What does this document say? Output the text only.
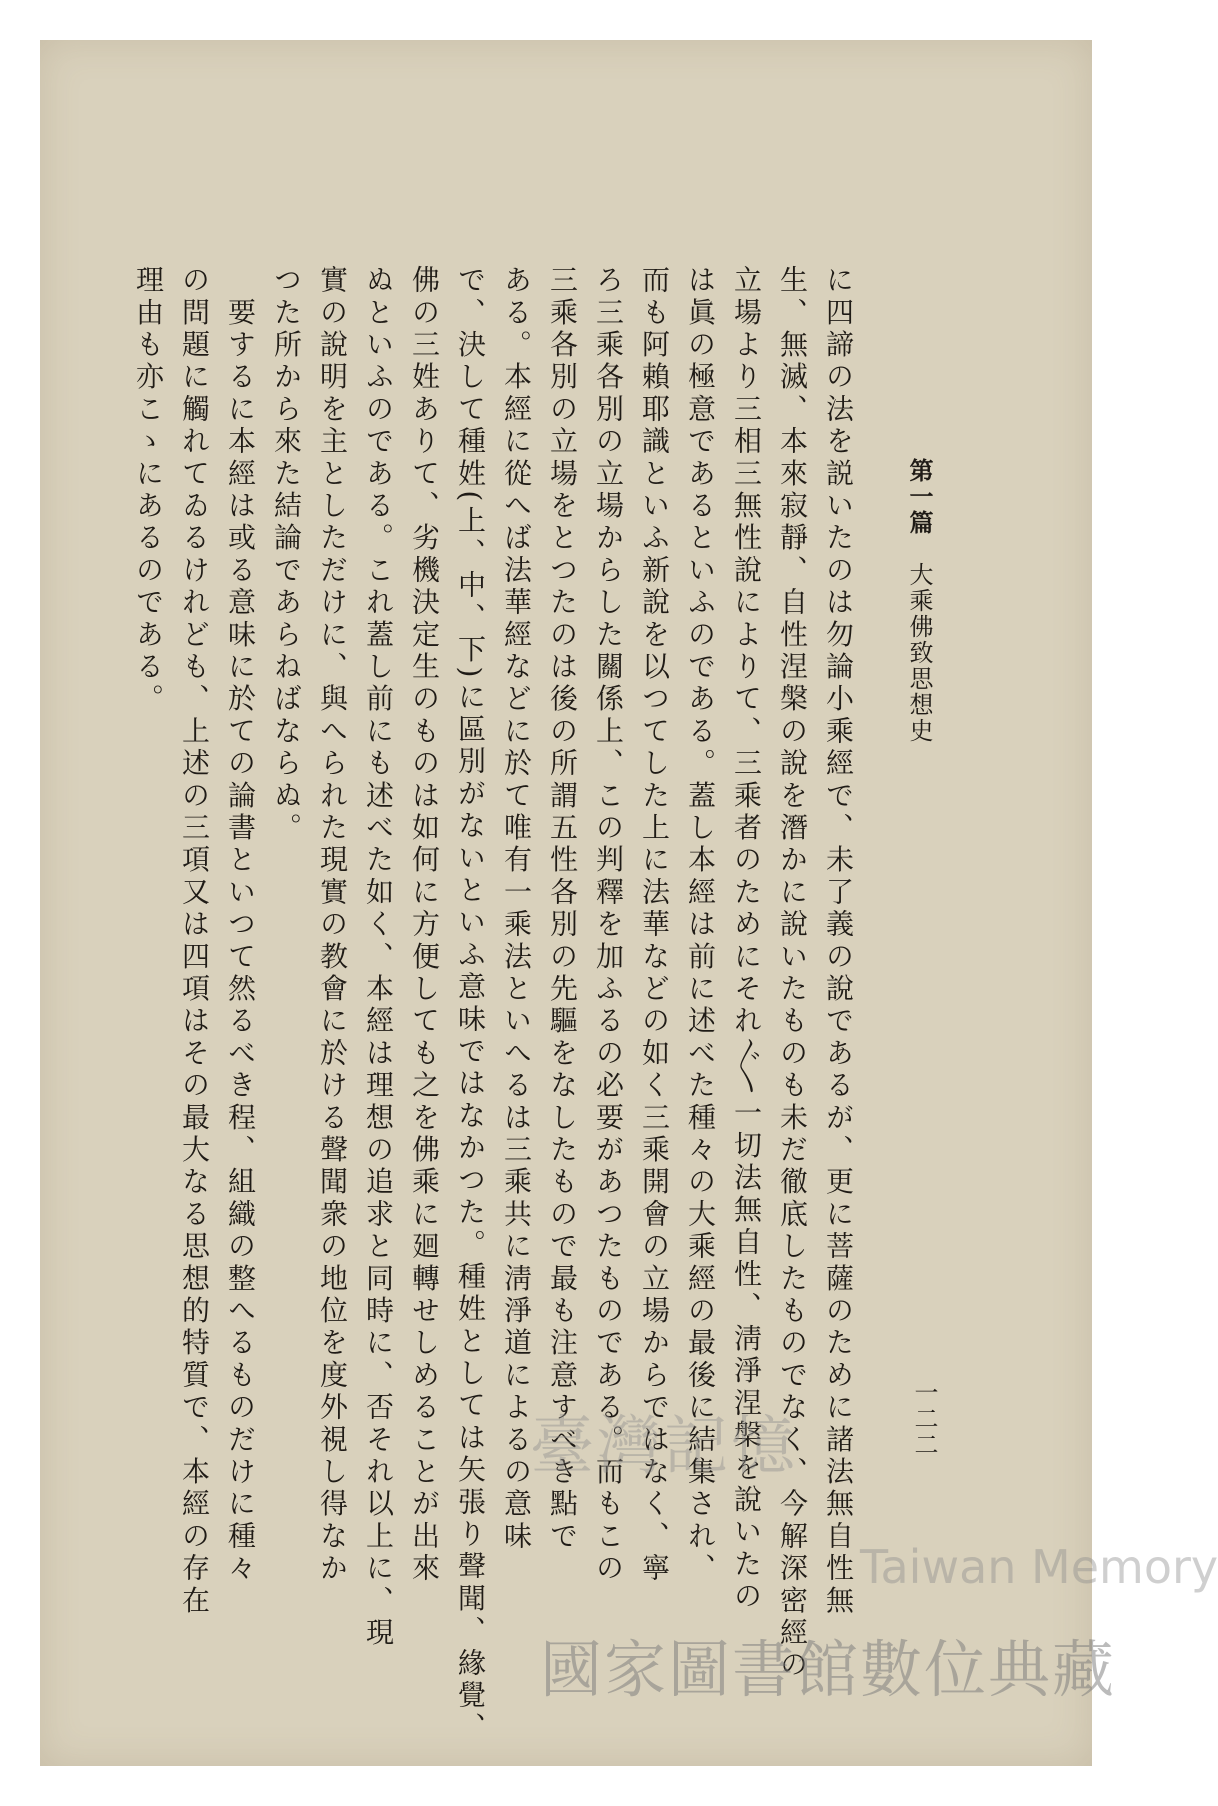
第一篇大乘佛致思想史
一二二
に四諦の法を説いたのは勿論小乘經で、未了義の說であるが、更に菩薩のために諸法無自性無
生、無滅、本來寂靜、自性涅槃の說を潛かに說いたものも未だ徹底したものでなく、今解深密經の
立場より三相三無性說によりて、三乘者のためにそれ〲一切法無自性、淸淨涅槃を說いたの
は眞の極意であるといふのである。蓋し本經は前に述べた種々の大乘經の最後に結集され、
而も阿賴耶識といふ新說を以つてした上に法華などの如く三乘開會の立場からではなく、寧
ろ三乘各別の立場からした關係上、この判釋を加ふるの必要があつたものである。而もこの
三乘各別の立場をとつたのは後の所謂五性各別の先驅をなしたもので最も注意すべき點で
ある。本經に從へば法華經などに於て唯有一乘法といへるは三乘共に淸淨道によるの意味
で、決して種姓(上、中、下)に區別がないといふ意味ではなかつた。種姓としては矢張り聲聞、緣覺、
佛の三姓ありて、劣機決定生のものは如何に方便しても之を佛乘に廻轉せしめることが出來
ぬといふのである。これ蓋し前にも述べた如く、本經は理想の追求と同時に、否それ以上に、現
實の說明を主としただけに、與へられた現實の教會に於ける聲聞衆の地位を度外視し得なか
つた所から來た結論であらねばならぬ。
　要するに本經は或る意味に於ての論書といつて然るべき程、組織の整へるものだけに種々
の問題に觸れてゐるけれども、上述の三項又は四項はその最大なる思想的特質で、本經の存在
理由も亦こゝにあるのである。
臺灣記憶
Taiwan Memory
國家圖書館數位典藏
